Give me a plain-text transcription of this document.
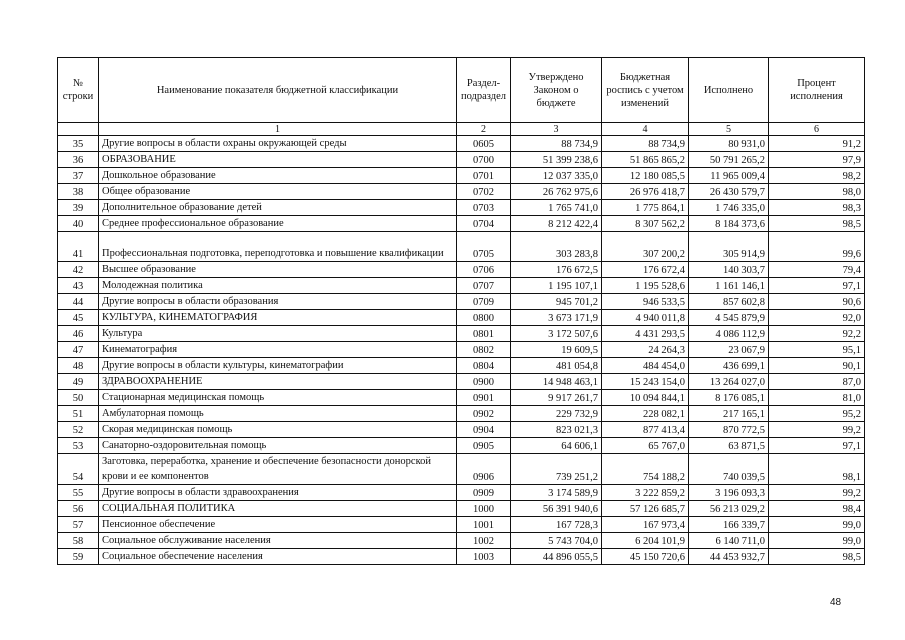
№ строки	Наименование показателя бюджетной классификации	Раздел-подраздел	Утверждено Законом о бюджете	Бюджетная роспись с учетом изменений	Исполнено	Процент исполнения
	1	2	3	4	5	6
35	Другие вопросы в области охраны окружающей среды	0605	88 734,9	88 734,9	80 931,0	91,2
36	ОБРАЗОВАНИЕ	0700	51 399 238,6	51 865 865,2	50 791 265,2	97,9
37	Дошкольное образование	0701	12 037 335,0	12 180 085,5	11 965 009,4	98,2
38	Общее образование	0702	26 762 975,6	26 976 418,7	26 430 579,7	98,0
39	Дополнительное образование детей	0703	1 765 741,0	1 775 864,1	1 746 335,0	98,3
40	Среднее профессиональное образование	0704	8 212 422,4	8 307 562,2	8 184 373,6	98,5
41	Профессиональная подготовка, переподготовка и повышение квалификации	0705	303 283,8	307 200,2	305 914,9	99,6
42	Высшее образование	0706	176 672,5	176 672,4	140 303,7	79,4
43	Молодежная политика	0707	1 195 107,1	1 195 528,6	1 161 146,1	97,1
44	Другие вопросы в области образования	0709	945 701,2	946 533,5	857 602,8	90,6
45	КУЛЬТУРА, КИНЕМАТОГРАФИЯ	0800	3 673 171,9	4 940 011,8	4 545 879,9	92,0
46	Культура	0801	3 172 507,6	4 431 293,5	4 086 112,9	92,2
47	Кинематография	0802	19 609,5	24 264,3	23 067,9	95,1
48	Другие вопросы в области культуры, кинематографии	0804	481 054,8	484 454,0	436 699,1	90,1
49	ЗДРАВООХРАНЕНИЕ	0900	14 948 463,1	15 243 154,0	13 264 027,0	87,0
50	Стационарная медицинская помощь	0901	9 917 261,7	10 094 844,1	8 176 085,1	81,0
51	Амбулаторная помощь	0902	229 732,9	228 082,1	217 165,1	95,2
52	Скорая медицинская помощь	0904	823 021,3	877 413,4	870 772,5	99,2
53	Санаторно-оздоровительная помощь	0905	64 606,1	65 767,0	63 871,5	97,1
54	Заготовка, переработка, хранение и обеспечение безопасности донорской крови и ее компонентов	0906	739 251,2	754 188,2	740 039,5	98,1
55	Другие вопросы в области здравоохранения	0909	3 174 589,9	3 222 859,2	3 196 093,3	99,2
56	СОЦИАЛЬНАЯ ПОЛИТИКА	1000	56 391 940,6	57 126 685,7	56 213 029,2	98,4
57	Пенсионное обеспечение	1001	167 728,3	167 973,4	166 339,7	99,0
58	Социальное обслуживание населения	1002	5 743 704,0	6 204 101,9	6 140 711,0	99,0
59	Социальное обеспечение населения	1003	44 896 055,5	45 150 720,6	44 453 932,7	98,5
48
